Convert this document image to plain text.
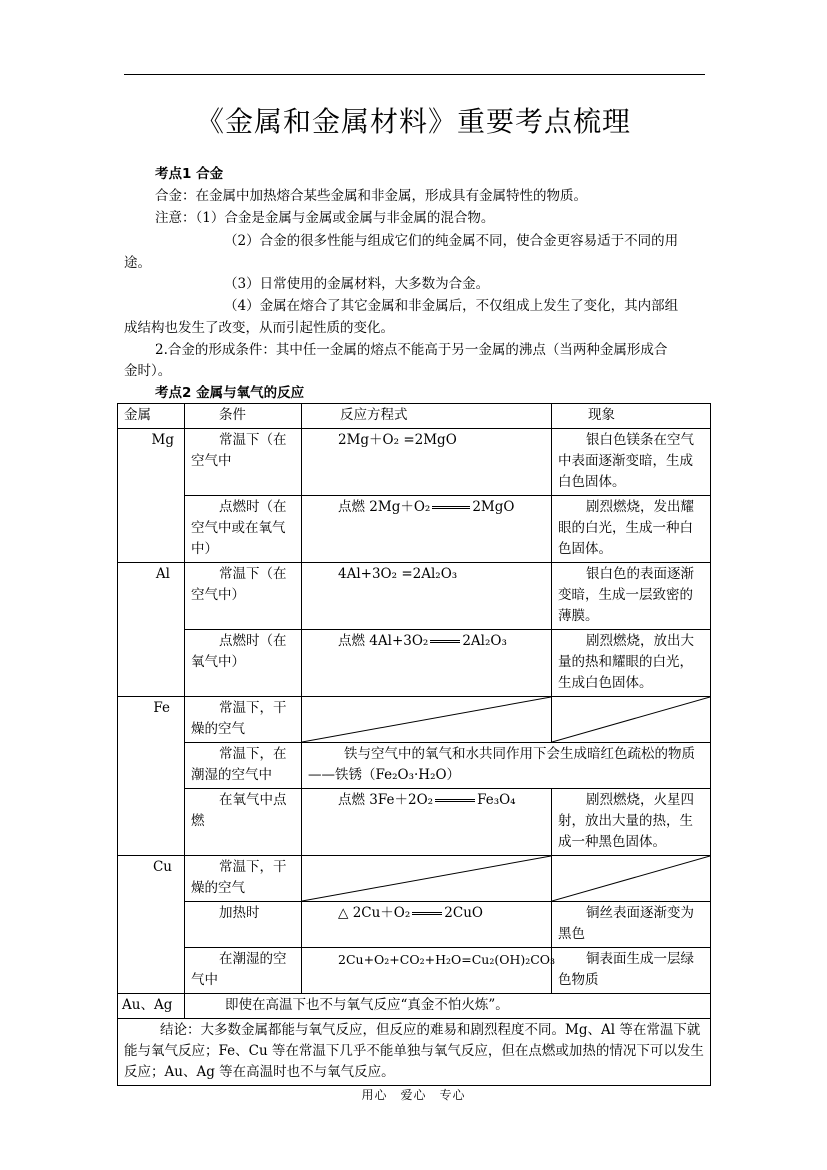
《金属和金属材料》重要考点梳理
考点1 合金
合金：在金属中加热熔合某些金属和非金属，形成具有金属特性的物质。
注意：（1）合金是金属与金属或金属与非金属的混合物。
（2）合金的很多性能与组成它们的纯金属不同，使合金更容易适于不同的用
途。
（3）日常使用的金属材料，大多数为合金。
（4）金属在熔合了其它金属和非金属后，不仅组成上发生了变化，其内部组
成结构也发生了改变，从而引起性质的变化。
2.合金的形成条件：其中任一金属的熔点不能高于另一金属的沸点（当两种金属形成合
金时）。
考点2 金属与氧气的反应
金属	条件	反应方程式	现象
Mg	常温下（在空气中	2Mg＋O₂ =2MgO	银白色镁条在空气中表面逐渐变暗，生成白色固体。
	点燃时（在空气中或在氧气中）	点燃 2Mg＋O₂ 2MgO	剧烈燃烧，发出耀眼的白光，生成一种白色固体。
Al	常温下（在空气中）	4Al+3O₂ =2Al₂O₃	银白色的表面逐渐变暗，生成一层致密的薄膜。
	点燃时（在氧气中）	点燃 4Al+3O₂ 2Al₂O₃	剧烈燃烧，放出大量的热和耀眼的白光，生成白色固体。
Fe	常温下，干燥的空气	

	常温下，在潮湿的空气中	铁与空气中的氧气和水共同作用下会生成暗红色疏松的物质——铁锈（Fe₂O₃·H₂O）	
	在氧气中点燃	点燃 3Fe＋2O₂ Fe₃O₄	剧烈燃烧，火星四射，放出大量的热，生成一种黑色固体。
Cu	常温下，干燥的空气	

	加热时	△ 2Cu＋O₂ 2CuO	铜丝表面逐渐变为黑色
	在潮湿的空气中	2Cu+O₂+CO₂+H₂O=Cu₂(OH)₂CO₃	铜表面生成一层绿色物质
Au、Ag	即使在高温下也不与氧气反应“真金不怕火炼”。		
结论：大多数金属都能与氧气反应，但反应的难易和剧烈程度不同。Mg、Al 等在常温下就能与氧气反应；Fe、Cu 等在常温下几乎不能单独与氧气反应，但在点燃或加热的情况下可以发生反应；Au、Ag 等在高温时也不与氧气反应。			
用心　爱心　专心
